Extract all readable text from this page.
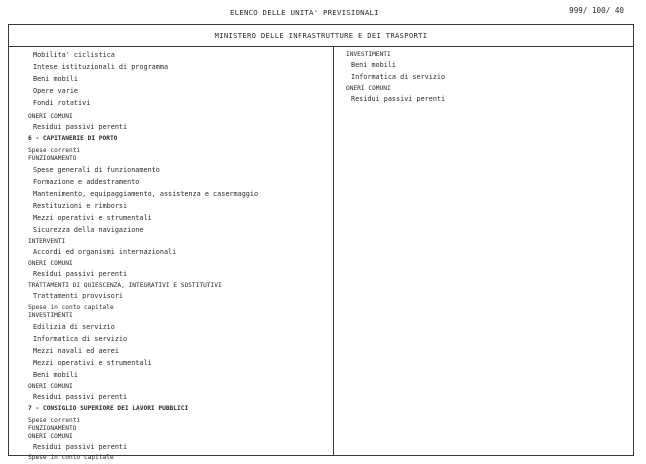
ELENCO DELLE UNITA' PREVISIONALI	999/ 100/ 40
MINISTERO DELLE INFRASTRUTTURE E DEI TRASPORTI
Mobilita' ciclistica
Intese istituzionali di programma
Beni mobili
Opere varie
Fondi rotativi
ONERI COMUNI
Residui passivi perenti
6 - CAPITANERIE DI PORTO
Spese correnti
FUNZIONAMENTO
Spese generali di funzionamento
Formazione e addestramento
Mantenimento, equipaggiamento, assistenza e casermaggio
Restituzioni e rimborsi
Mezzi operativi e strumentali
Sicurezza della navigazione
INTERVENTI
Accordi ed organismi internazionali
ONERI COMUNI
Residui passivi perenti
TRATTAMENTI DI QUIESCENZA, INTEGRATIVI E SOSTITUTIVI
Trattamenti provvisori
Spese in conto capitale
INVESTIMENTI
Edilizia di servizio
Informatica di servizio
Mezzi navali ed aerei
Mezzi operativi e strumentali
Beni mobili
ONERI COMUNI
Residui passivi perenti
7 - CONSIGLIO SUPERIORE DEI LAVORI PUBBLICI
Spese correnti
FUNZIONAMENTO
ONERI COMUNI
Residui passivi perenti
Spese in conto capitale
INVESTIMENTI
Beni mobili
Informatica di servizio
ONERI COMUNI
Residui passivi perenti
